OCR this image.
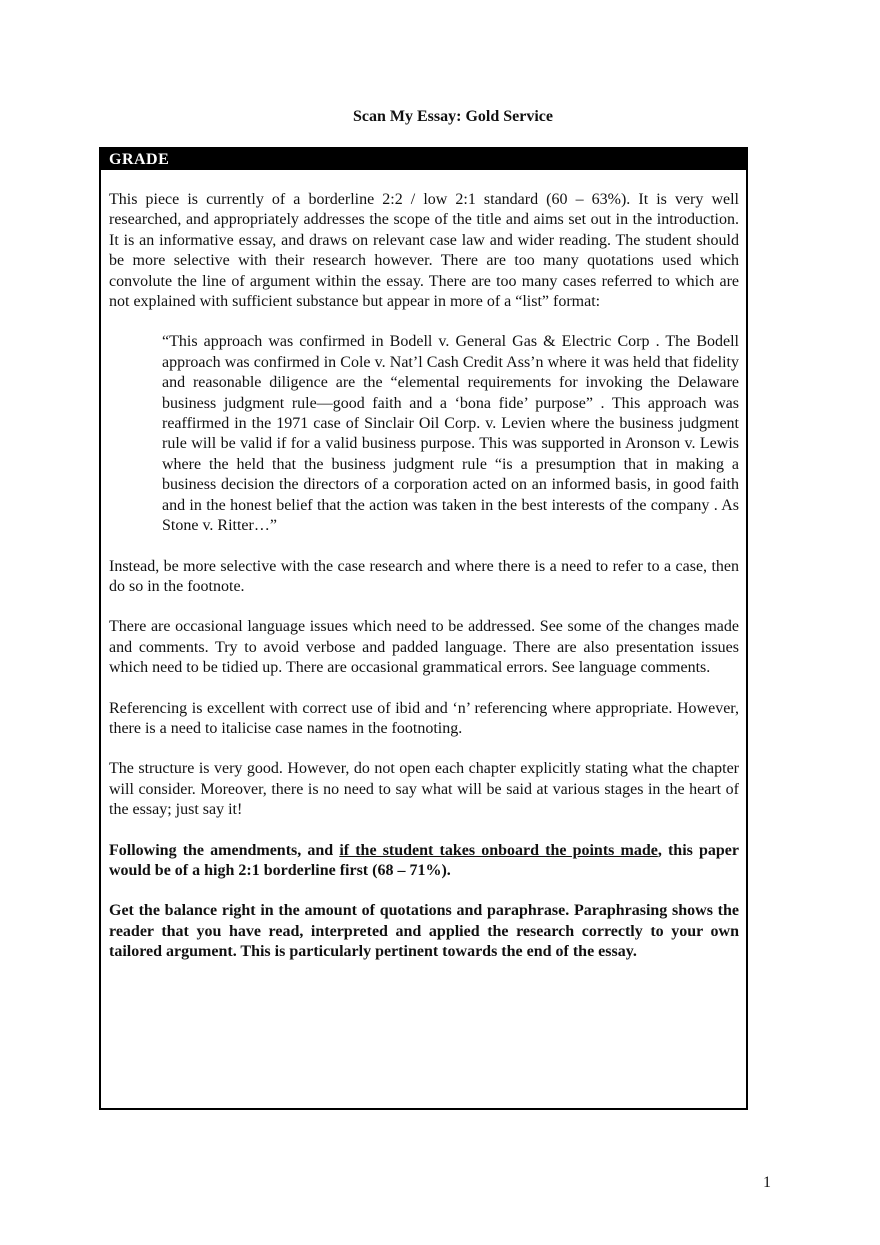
Scan My Essay: Gold Service
GRADE

This piece is currently of a borderline 2:2 / low 2:1 standard (60 – 63%). It is very well researched, and appropriately addresses the scope of the title and aims set out in the introduction. It is an informative essay, and draws on relevant case law and wider reading. The student should be more selective with their research however. There are too many quotations used which convolute the line of argument within the essay. There are too many cases referred to which are not explained with sufficient substance but appear in more of a “list” format:

“This approach was confirmed in Bodell v. General Gas & Electric Corp . The Bodell approach was confirmed in Cole v. Nat’l Cash Credit Ass’n where it was held that fidelity and reasonable diligence are the “elemental requirements for invoking the Delaware business judgment rule—good faith and a ‘bona fide’ purpose” . This approach was reaffirmed in the 1971 case of Sinclair Oil Corp. v. Levien where the business judgment rule will be valid if for a valid business purpose. This was supported in Aronson v. Lewis where the held that the business judgment rule “is a presumption that in making a business decision the directors of a corporation acted on an informed basis, in good faith and in the honest belief that the action was taken in the best interests of the company . As Stone v. Ritter…”

Instead, be more selective with the case research and where there is a need to refer to a case, then do so in the footnote.

There are occasional language issues which need to be addressed. See some of the changes made and comments. Try to avoid verbose and padded language. There are also presentation issues which need to be tidied up. There are occasional grammatical errors. See language comments.

Referencing is excellent with correct use of ibid and ‘n’ referencing where appropriate. However, there is a need to italicise case names in the footnoting.

The structure is very good. However, do not open each chapter explicitly stating what the chapter will consider. Moreover, there is no need to say what will be said at various stages in the heart of the essay; just say it!

Following the amendments, and if the student takes onboard the points made, this paper would be of a high 2:1 borderline first (68 – 71%).

Get the balance right in the amount of quotations and paraphrase. Paraphrasing shows the reader that you have read, interpreted and applied the research correctly to your own tailored argument. This is particularly pertinent towards the end of the essay.

1
